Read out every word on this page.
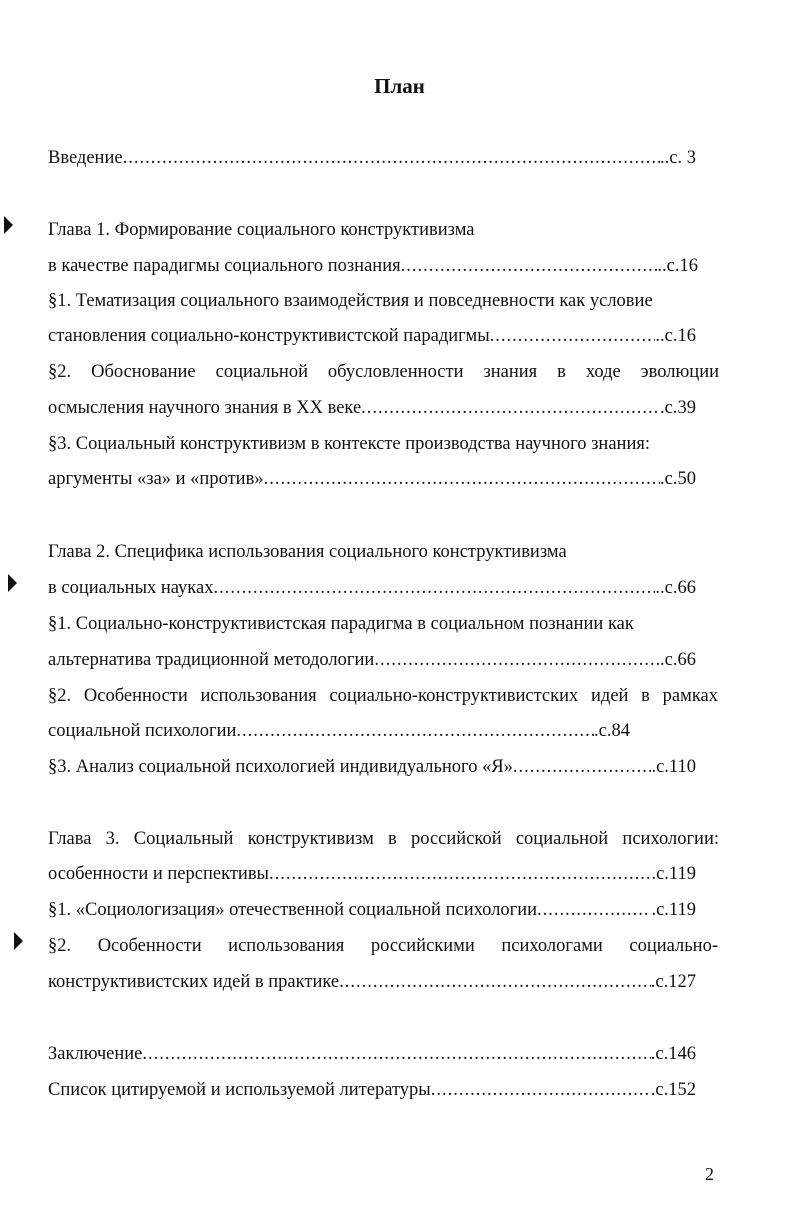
План
Введение .....	..с. 3
Глава 1. Формирование социального конструктивизма
в качестве парадигмы социального познания .....	..с.16
§1. Тематизация социального взаимодействия и повседневности как условие
становления социально-конструктивистской парадигмы .....	..с.16
§2. Обоснование социальной обусловленности знания в ходе эволюции
осмысления научного знания в XX веке .....	.с.39
§3. Социальный конструктивизм в контексте производства научного знания:
аргументы «за» и «против» .....	.с.50
Глава 2. Специфика использования социального конструктивизма
в социальных науках .....	..с.66
§1. Социально-конструктивистская парадигма в социальном познании как
альтернатива традиционной методологии .....	.с.66
§2. Особенности использования социально-конструктивистских идей в рамках
социальной психологии .....	.с.84
§3. Анализ социальной психологией индивидуального «Я» .....	.с.110
Глава 3. Социальный конструктивизм в российской социальной психологии:
особенности и перспективы .....	.с.119
§1. «Социологизация» отечественной социальной психологии .....	.с.119
§2. Особенности использования российскими психологами социально-
конструктивистских идей в практике .....	.с.127
Заключение .....	.с.146
Список цитируемой и используемой литературы .....	.с.152
2
